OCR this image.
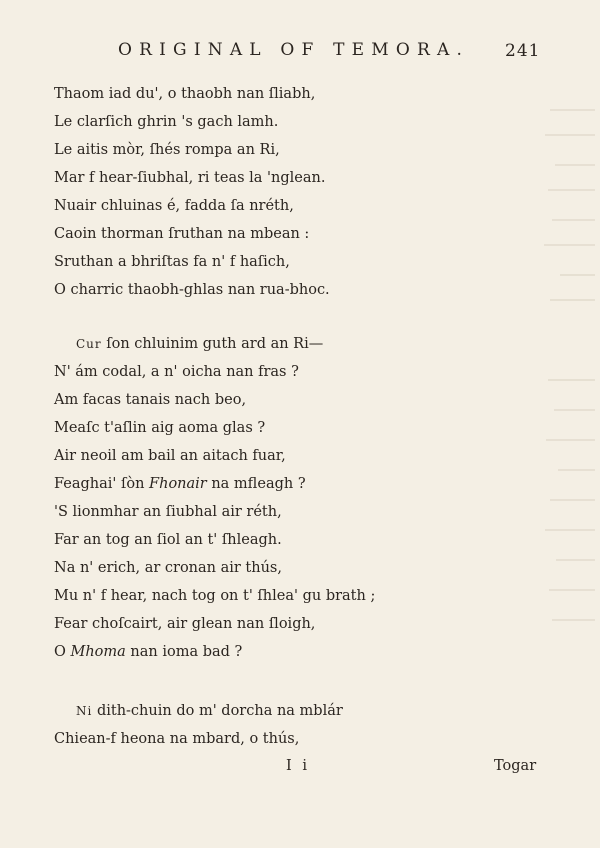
ORIGINAL OF TEMORA. 241
Thaom iad du', o thaobh nan ſliabh,
Le clarſich ghrin 's gach lamh.
Le aitis mòr, ſhés rompa an Ri,
Mar f hear-ſiubhal, ri teas la 'nglean.
Nuair chluinas é, fadda ſa nréth,
Caoin thorman ſruthan na mbean :
Sruthan a bhriſtas fa n' f haſich,
O charric thaobh-ghlas nan rua-bhoc.
Cur ſon chluinim guth ard an Ri—
N' ám codal, a n' oicha nan fras ?
Am facas tanais nach beo,
Meaſc t'aſlin aig aoma glas ?
Air neoil am bail an aitach fuar,
Feaghai' ſòn Fhonair na mfleagh ?
'S lionmhar an ſiubhal air réth,
Far an tog an ſiol an t' ſhleagh.
Na n' erich, ar cronan air thús,
Mu n' f hear, nach tog on t' ſhlea' gu brath ;
Fear choſcairt, air glean nan ſloigh,
O Mhoma nan ioma bad ?
Ni dith-chuin do m' dorcha na mblár
Chiean-f heona na mbard, o thús,
I i	Togar
